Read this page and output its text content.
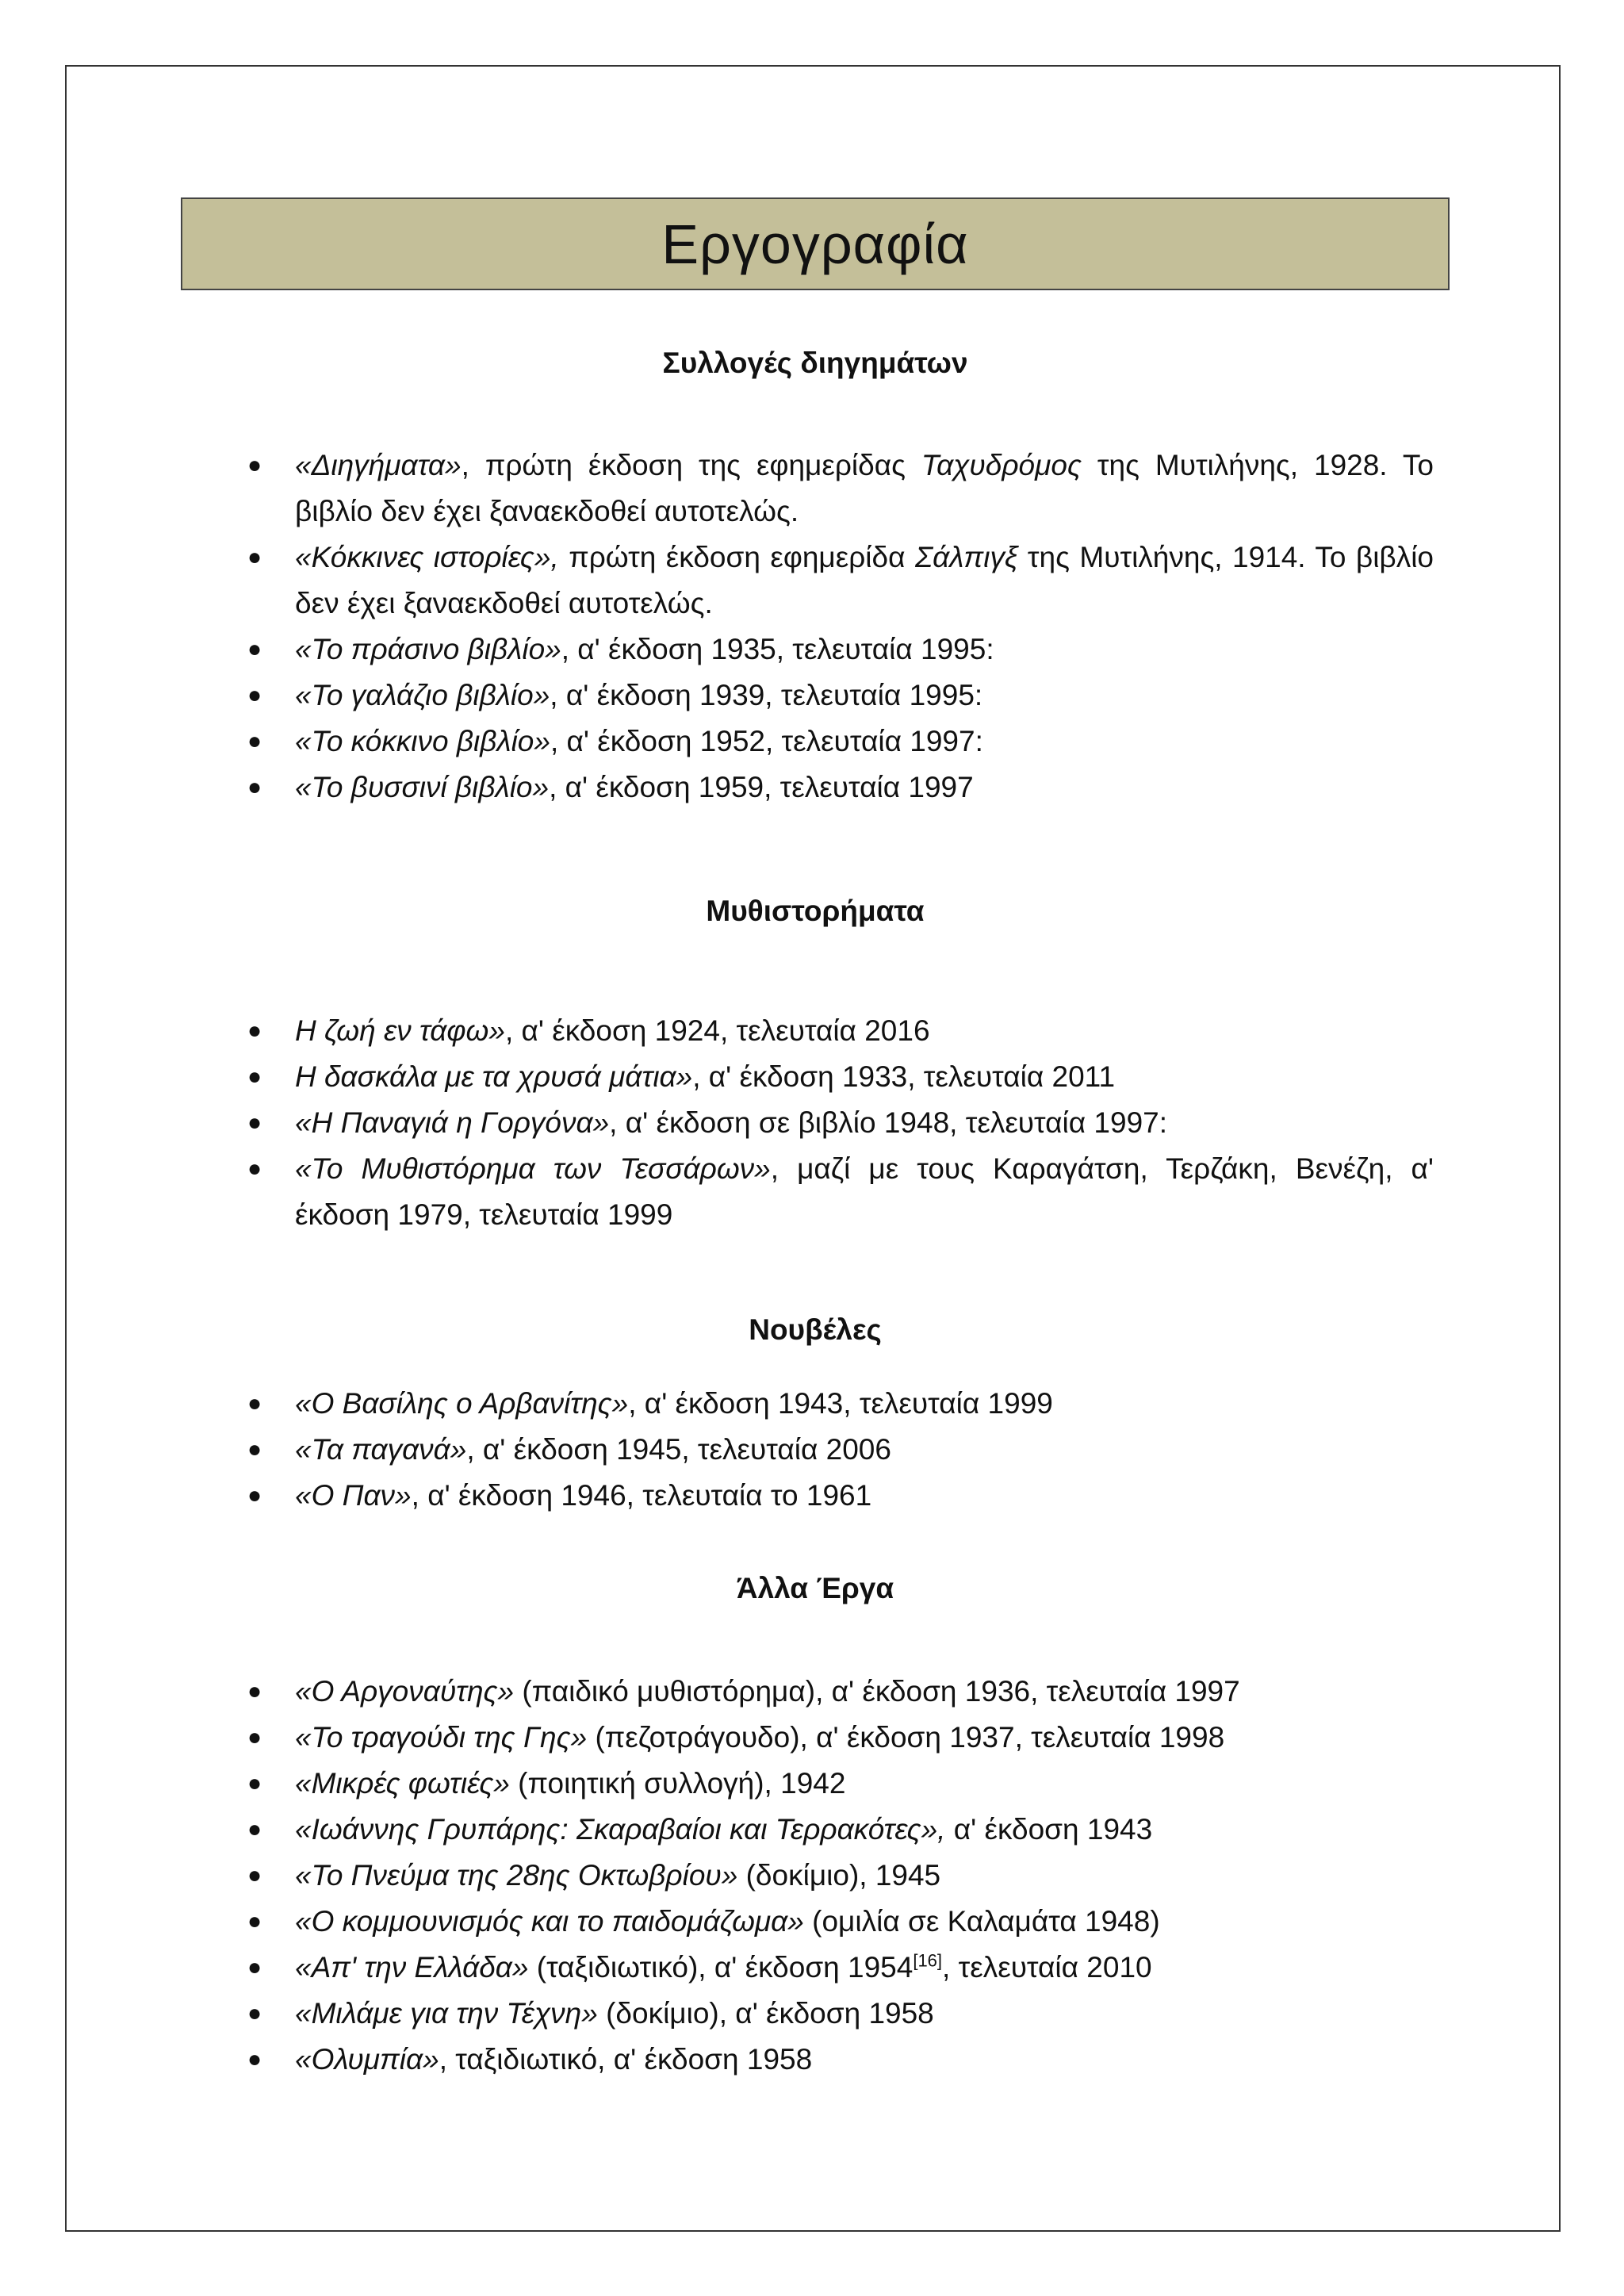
Εργογραφία
Συλλογές διηγημάτων
● «Διηγήματα», πρώτη έκδοση της εφημερίδας Ταχυδρόμος της Μυτιλήνης, 1928. Το βιβλίο δεν έχει ξαναεκδοθεί αυτοτελώς.
● «Κόκκινες ιστορίες», πρώτη έκδοση εφημερίδα Σάλπιγξ της Μυτιλήνης, 1914. Το βιβλίο δεν έχει ξαναεκδοθεί αυτοτελώς.
● «Το πράσινο βιβλίο», α' έκδοση 1935, τελευταία 1995:
● «Το γαλάζιο βιβλίο», α' έκδοση 1939, τελευταία 1995:
● «Το κόκκινο βιβλίο», α' έκδοση 1952, τελευταία 1997:
● «Το βυσσινί βιβλίο», α' έκδοση 1959, τελευταία 1997
Μυθιστορήματα
● Η ζωή εν τάφω», α' έκδοση 1924, τελευταία 2016
● Η δασκάλα με τα χρυσά μάτια», α' έκδοση 1933, τελευταία 2011
● «Η Παναγιά η Γοργόνα», α' έκδοση σε βιβλίο 1948, τελευταία 1997:
● «Το Μυθιστόρημα των Τεσσάρων», μαζί με τους Καραγάτση, Τερζάκη, Βενέζη, α' έκδοση 1979, τελευταία 1999
Νουβέλες
● «Ο Βασίλης ο Αρβανίτης», α' έκδοση 1943, τελευταία 1999
● «Τα παγανά», α' έκδοση 1945, τελευταία 2006
● «Ο Παν», α' έκδοση 1946, τελευταία το 1961
Άλλα Έργα
● «Ο Αργοναύτης» (παιδικό μυθιστόρημα), α' έκδοση 1936, τελευταία 1997
● «Το τραγούδι της Γης» (πεζοτράγουδο), α' έκδοση 1937, τελευταία 1998
● «Μικρές φωτιές» (ποιητική συλλογή), 1942
● «Ιωάννης Γρυπάρης: Σκαραβαίοι και Τερρακότες», α' έκδοση 1943
● «Το Πνεύμα της 28ης Οκτωβρίου» (δοκίμιο), 1945
● «Ο κομμουνισμός και το παιδομάζωμα» (ομιλία σε Καλαμάτα 1948)
● «Απ' την Ελλάδα» (ταξιδιωτικό), α' έκδοση 1954[16], τελευταία 2010
● «Μιλάμε για την Τέχνη» (δοκίμιο), α' έκδοση 1958
● «Ολυμπία», ταξιδιωτικό, α' έκδοση 1958
